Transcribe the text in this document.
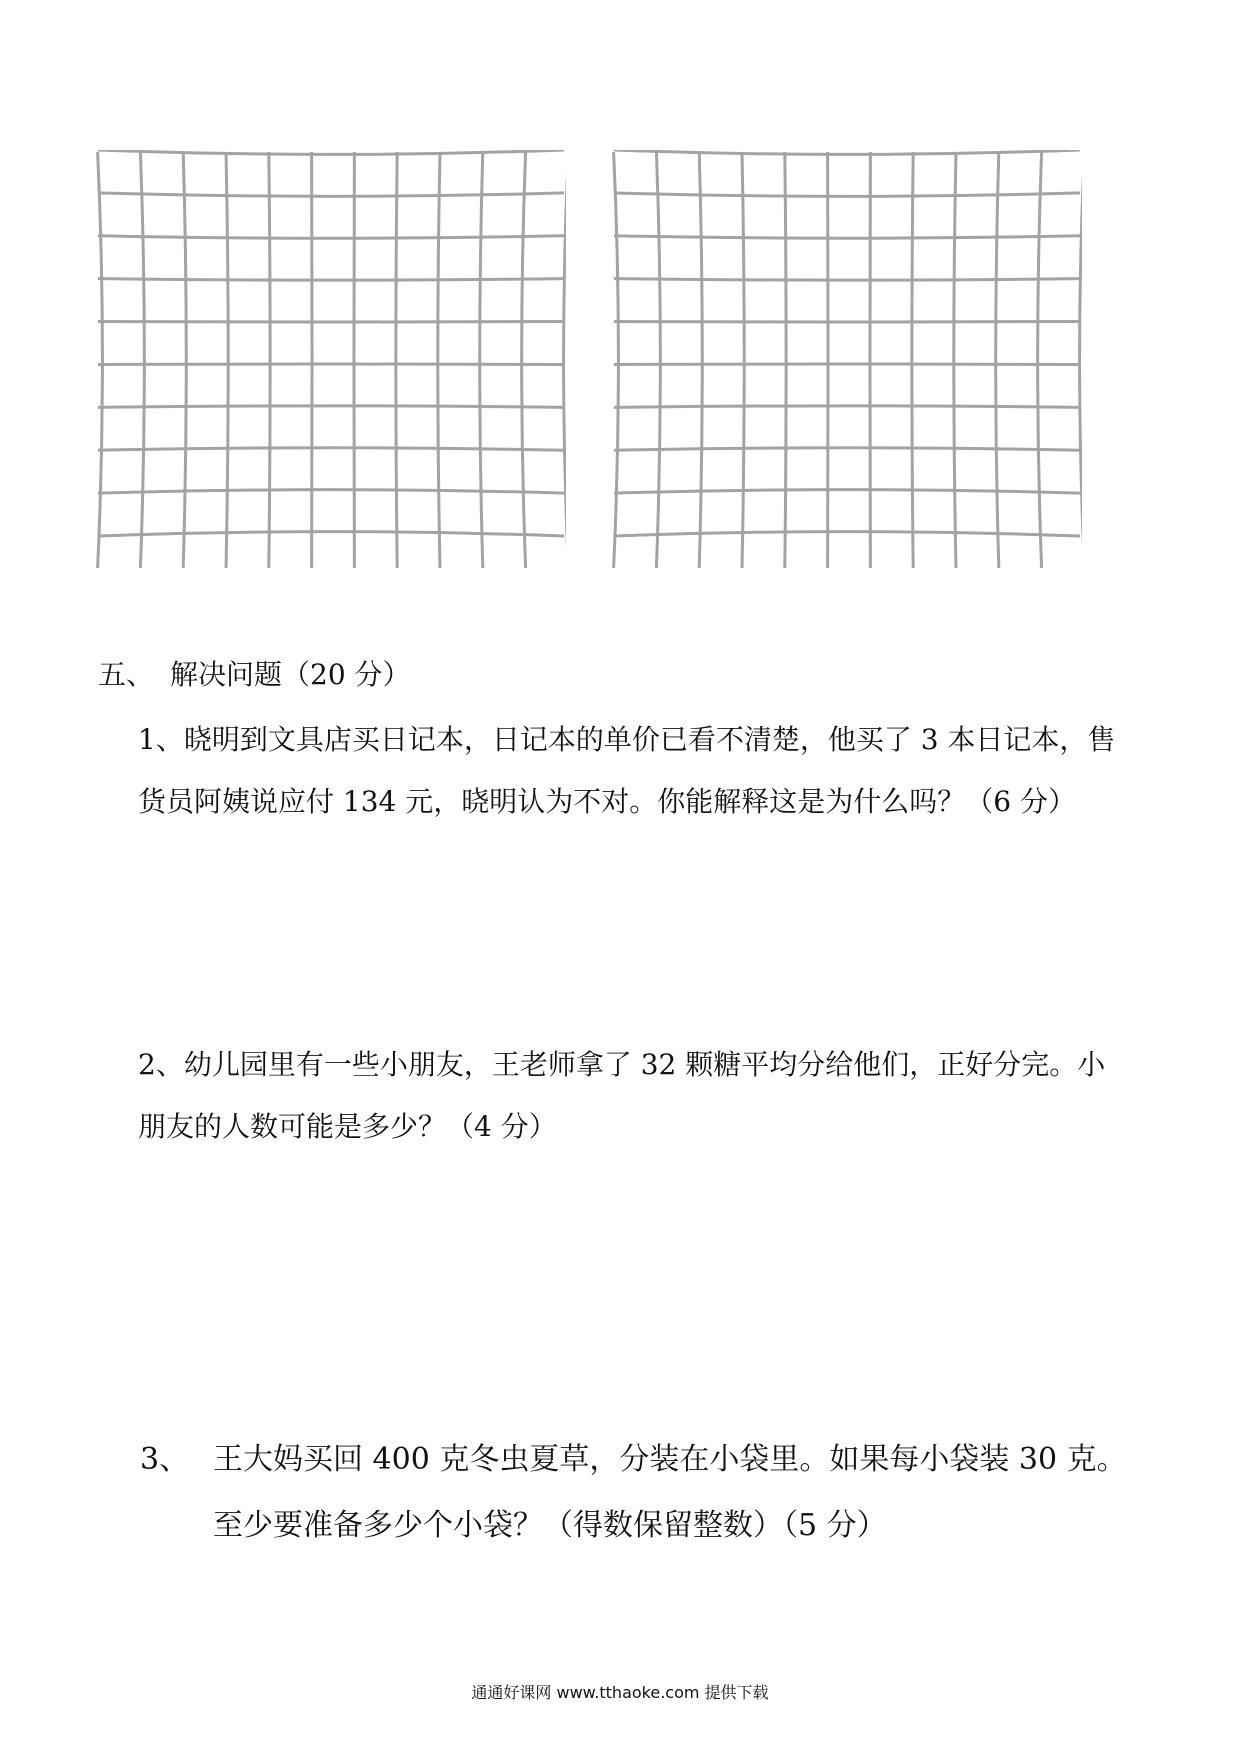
五、 解决问题（20 分）
1、晓明到文具店买日记本，日记本的单价已看不清楚，他买了 3 本日记本，售
货员阿姨说应付 134 元，晓明认为不对。你能解释这是为什么吗？（6 分）
2、幼儿园里有一些小朋友，王老师拿了 32 颗糖平均分给他们，正好分完。小
朋友的人数可能是多少？（4 分）
3、 王大妈买回 400 克冬虫夏草，分装在小袋里。如果每小袋装 30 克。
至少要准备多少个小袋？（得数保留整数）（5 分）
通通好课网 www.tthaoke.com 提供下载
